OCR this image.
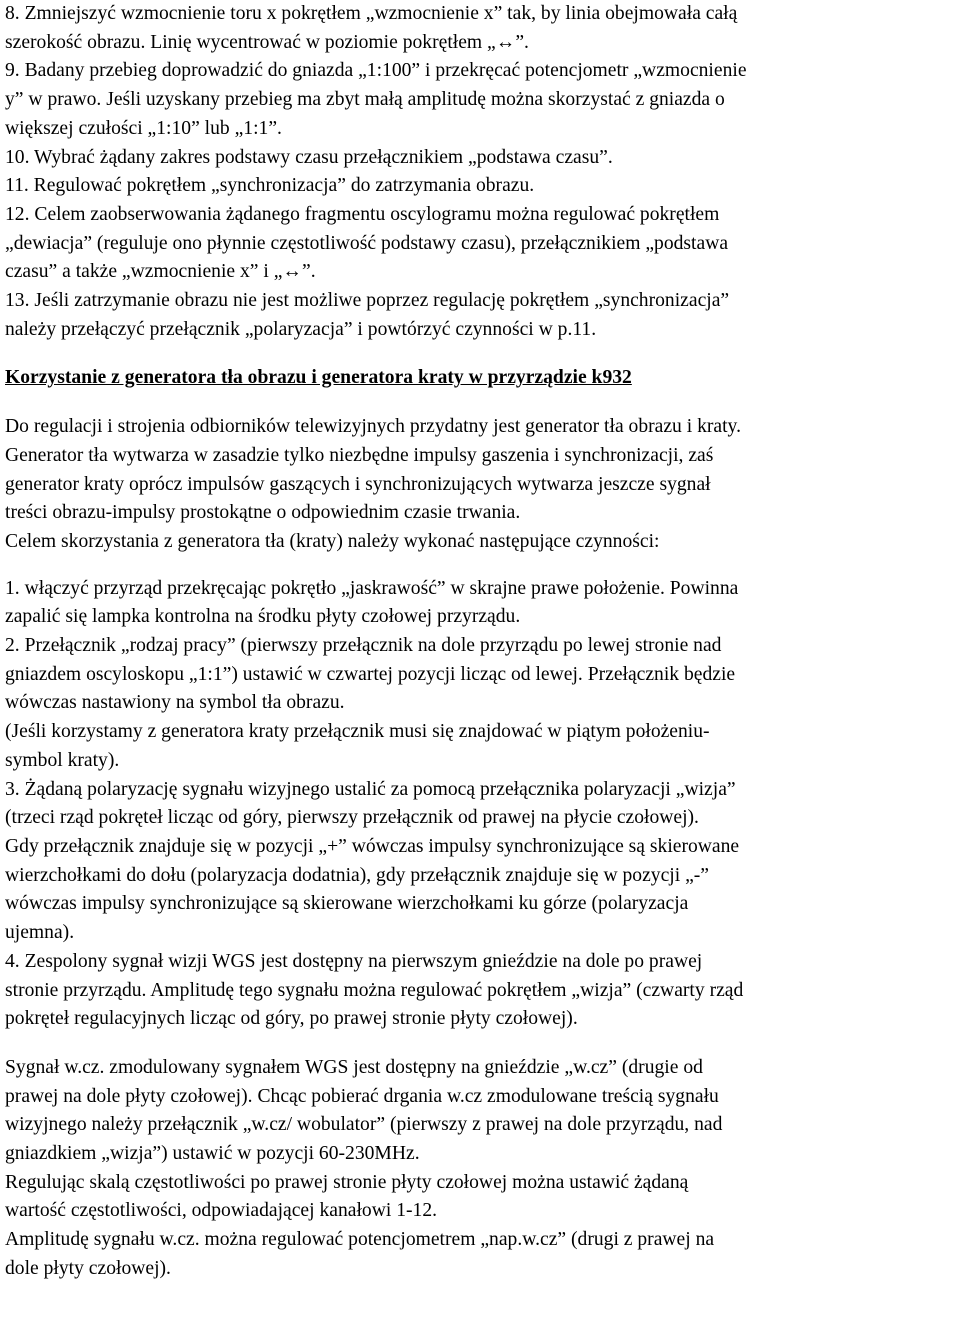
8. Zmniejszyć wzmocnienie toru x pokrętłem „wzmocnienie x” tak, by linia obejmowała całą

szerokość obrazu. Linię wycentrować w poziomie pokrętłem „↔”.

9. Badany przebieg doprowadzić do gniazda „1:100” i przekręcać potencjometr „wzmocnienie

y” w prawo. Jeśli uzyskany przebieg ma zbyt małą amplitudę można skorzystać z gniazda o

większej czułości „1:10” lub „1:1”.

10. Wybrać żądany zakres podstawy czasu przełącznikiem „podstawa czasu”.

11. Regulować pokrętłem „synchronizacja” do zatrzymania obrazu.

12. Celem zaobserwowania żądanego fragmentu oscylogramu można regulować pokrętłem

„dewiacja” (reguluje ono płynnie częstotliwość podstawy czasu), przełącznikiem „podstawa

czasu” a także „wzmocnienie x” i „↔”.

13. Jeśli zatrzymanie obrazu nie jest możliwe poprzez regulację pokrętłem „synchronizacja”

należy przełączyć przełącznik „polaryzacja” i powtórzyć czynności w p.11.

Korzystanie z generatora tła obrazu i generatora kraty w przyrządzie k932

Do regulacji i strojenia odbiorników telewizyjnych przydatny jest generator tła obrazu i kraty.

Generator tła wytwarza w zasadzie tylko niezbędne impulsy gaszenia i synchronizacji, zaś

generator kraty oprócz impulsów gaszących i synchronizujących wytwarza jeszcze sygnał

treści obrazu-impulsy prostokątne o odpowiednim czasie trwania.

Celem skorzystania z generatora tła (kraty) należy wykonać następujące czynności:

1. włączyć przyrząd przekręcając pokrętło „jaskrawość” w skrajne prawe położenie. Powinna

zapalić się lampka kontrolna na środku płyty czołowej przyrządu.

2. Przełącznik „rodzaj pracy” (pierwszy przełącznik na dole przyrządu po lewej stronie nad

gniazdem oscyloskopu „1:1”) ustawić w czwartej pozycji licząc od lewej. Przełącznik będzie

wówczas nastawiony na symbol tła obrazu.

(Jeśli korzystamy z generatora kraty przełącznik musi się znajdować w piątym położeniu-

symbol kraty).

3. Żądaną polaryzację sygnału wizyjnego ustalić za pomocą przełącznika polaryzacji „wizja”

(trzeci rząd pokręteł licząc od góry, pierwszy przełącznik od prawej na płycie czołowej).

Gdy przełącznik znajduje się w pozycji „+” wówczas impulsy synchronizujące są skierowane

wierzchołkami do dołu (polaryzacja dodatnia), gdy przełącznik znajduje się w pozycji „-”

wówczas impulsy synchronizujące są skierowane wierzchołkami ku górze (polaryzacja

ujemna).

4. Zespolony sygnał wizji WGS jest dostępny na pierwszym gnieździe na dole po prawej

stronie przyrządu. Amplitudę tego sygnału można regulować pokrętłem „wizja” (czwarty rząd

pokręteł regulacyjnych licząc od góry, po prawej stronie płyty czołowej).

Sygnał w.cz. zmodulowany sygnałem WGS jest dostępny na gnieździe „w.cz” (drugie od

prawej na dole płyty czołowej). Chcąc pobierać drgania w.cz zmodulowane treścią sygnału

wizyjnego należy przełącznik „w.cz/ wobulator” (pierwszy z prawej na dole przyrządu, nad

gniazdkiem „wizja”) ustawić w pozycji 60-230MHz.

Regulując skalą częstotliwości po prawej stronie płyty czołowej można ustawić żądaną

wartość częstotliwości, odpowiadającej kanałowi 1-12.

Amplitudę sygnału w.cz. można regulować potencjometrem „nap.w.cz” (drugi z prawej na

dole płyty czołowej).
